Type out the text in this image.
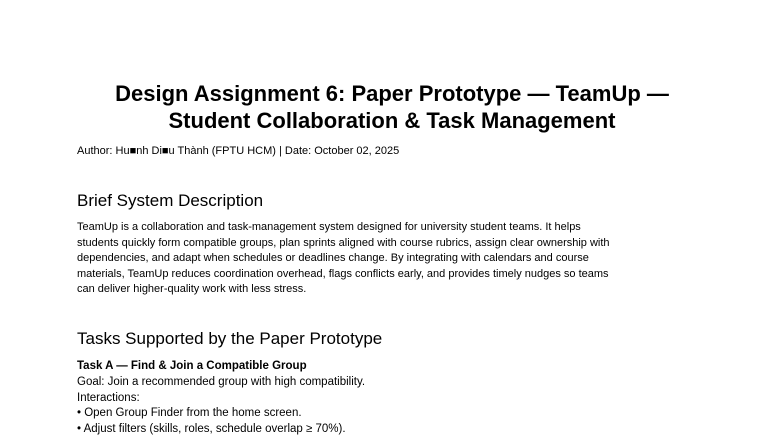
Design Assignment 6: Paper Prototype — TeamUp —
Student Collaboration & Task Management

Author: Hu■nh Di■u Thành (FPTU HCM) | Date: October 02, 2025

Brief System Description
TeamUp is a collaboration and task-management system designed for university student teams. It helps
students quickly form compatible groups, plan sprints aligned with course rubrics, assign clear ownership with
dependencies, and adapt when schedules or deadlines change. By integrating with calendars and course
materials, TeamUp reduces coordination overhead, flags conflicts early, and provides timely nudges so teams
can deliver higher-quality work with less stress.
Tasks Supported by the Paper Prototype

Task A — Find & Join a Compatible Group

Goal: Join a recommended group with high compatibility.
Interactions:
• Open Group Finder from the home screen.
• Adjust filters (skills, roles, schedule overlap ≥ 70%).
